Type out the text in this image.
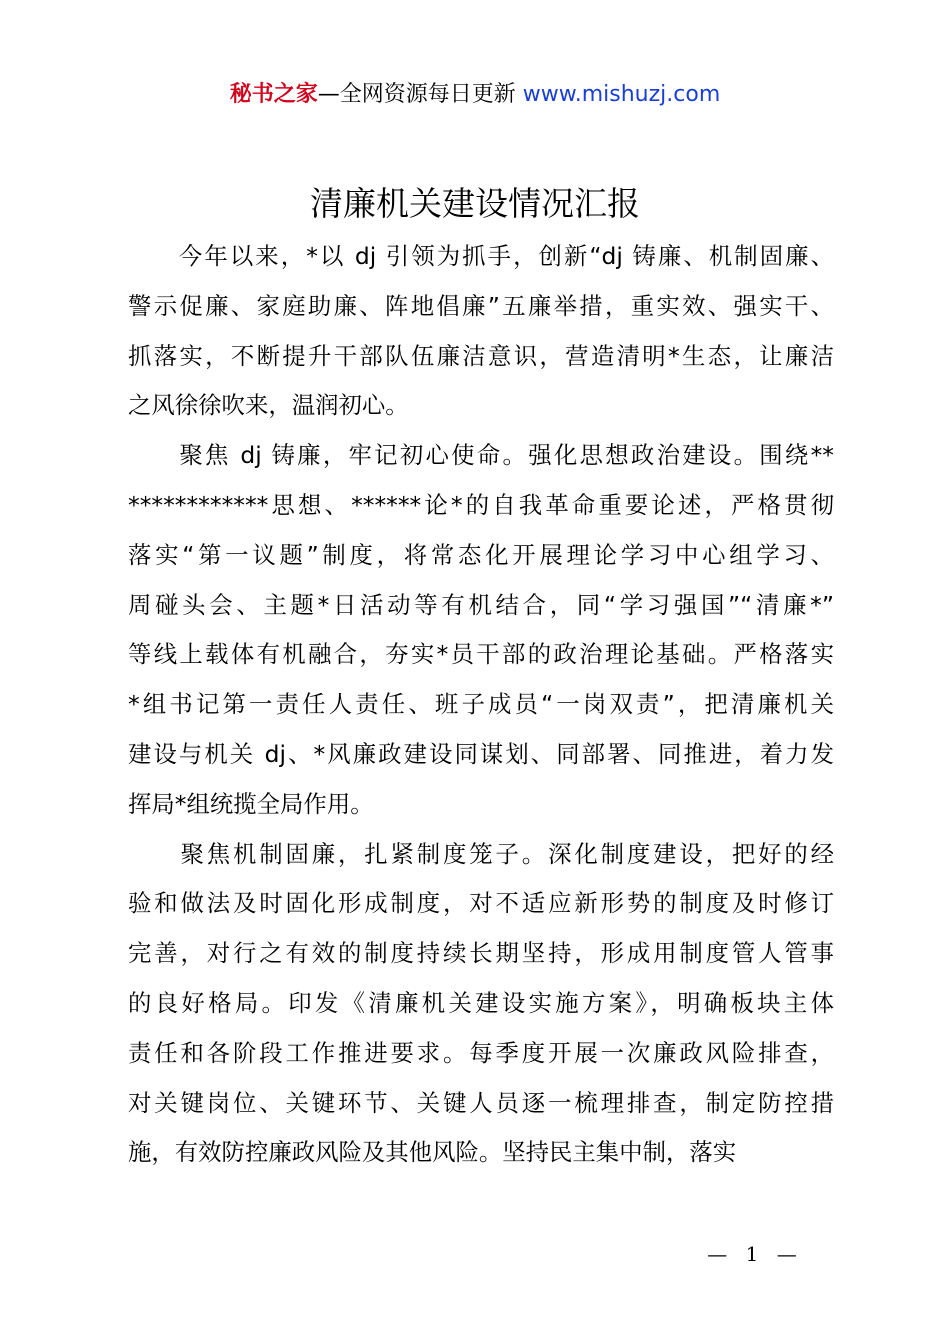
秘书之家—全网资源每日更新 www.mishuzj.com
清廉机关建设情况汇报
　　今年以来，*以 dj 引领为抓手，创新“dj 铸廉、机制固廉、
警示促廉、家庭助廉、阵地倡廉”五廉举措，重实效、强实干、
抓落实，不断提升干部队伍廉洁意识，营造清明*生态，让廉洁
之风徐徐吹来，温润初心。
　　聚焦 dj 铸廉，牢记初心使命。强化思想政治建设。围绕**
************思想、******论*的自我革命重要论述，严格贯彻
落实“第一议题”制度，将常态化开展理论学习中心组学习、
周碰头会、主题*日活动等有机结合，同“学习强国”“清廉*”
等线上载体有机融合，夯实*员干部的政治理论基础。严格落实
*组书记第一责任人责任、班子成员“一岗双责”，把清廉机关
建设与机关 dj、*风廉政建设同谋划、同部署、同推进，着力发
挥局*组统揽全局作用。
　　聚焦机制固廉，扎紧制度笼子。深化制度建设，把好的经
验和做法及时固化形成制度，对不适应新形势的制度及时修订
完善，对行之有效的制度持续长期坚持，形成用制度管人管事
的良好格局。印发《清廉机关建设实施方案》，明确板块主体
责任和各阶段工作推进要求。每季度开展一次廉政风险排查，
对关键岗位、关键环节、关键人员逐一梳理排查，制定防控措
施，有效防控廉政风险及其他风险。坚持民主集中制，落实
— 1 —
